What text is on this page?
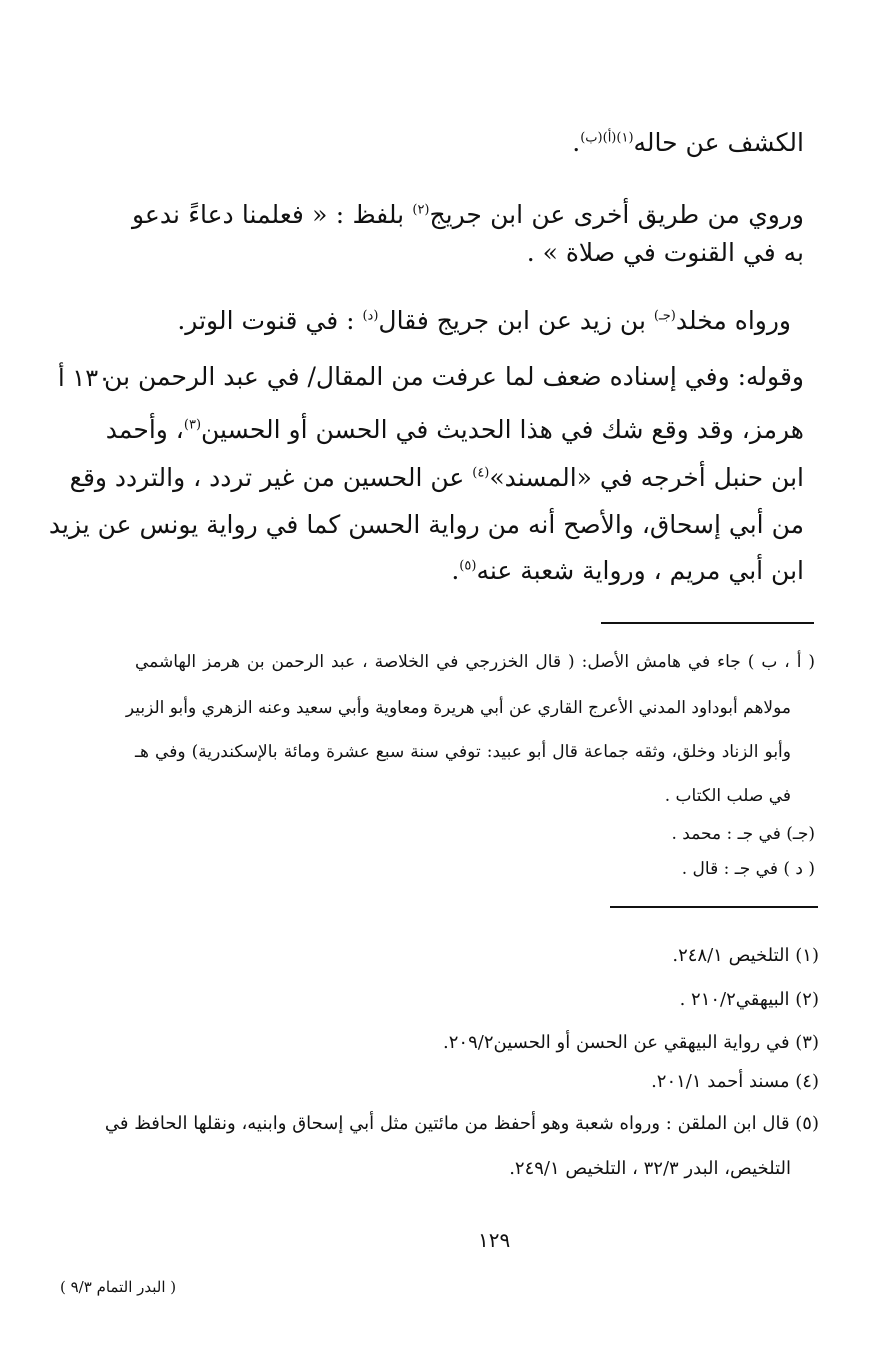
الكشف عن حاله$^{(١)(أ)(ب)}$.
وروي من طريق أخرى عن ابن جريج$^{(٢)}$ بلفظ : « فعلمنا دعاءً ندعو
به في القنوت في صلاة » .
ورواه مخلد$^{(جـ)}$ بن زيد عن ابن جريج فقال$^{(د)}$ : في قنوت الوتر.
وقوله: وفي إسناده ضعف لما عرفت من المقال/ في عبد الرحمن بن
١٣٠ أ
هرمز، وقد وقع شك في هذا الحديث في الحسن أو الحسين$^{(٣)}$، وأحمد
ابن حنبل أخرجه في «المسند»$^{(٤)}$ عن الحسين من غير تردد ، والتردد وقع
من أبي إسحاق، والأصح أنه من رواية الحسن كما في رواية يونس عن يزيد
ابن أبي مريم ، ورواية شعبة عنه$^{(٥)}$.
( أ ، ب ) جاء في هامش الأصل: ( قال الخزرجي في الخلاصة ، عبد الرحمن بن هرمز الهاشمي
مولاهم أبوداود المدني الأعرج القاري عن أبي هريرة ومعاوية وأبي سعيد وعنه الزهري وأبو الزبير
وأبو الزناد وخلق، وثقه جماعة قال أبو عبيد: توفي سنة سبع عشرة ومائة بالإسكندرية) وفي هـ
في صلب الكتاب .
(جـ) في جـ : محمد .
( د ) في جـ : قال .
(١) التلخيص ٢٤٨/١.
(٢) البيهقي٢١٠/٢ .
(٣) في رواية البيهقي عن الحسن أو الحسين٢٠٩/٢.
(٤) مسند أحمد ٢٠١/١.
(٥) قال ابن الملقن : ورواه شعبة وهو أحفظ من مائتين مثل أبي إسحاق وابنيه، ونقلها الحافظ في
التلخيص، البدر ٣٢/٣ ، التلخيص ٢٤٩/١.
١٢٩
( البدر التمام ٩/٣ )
